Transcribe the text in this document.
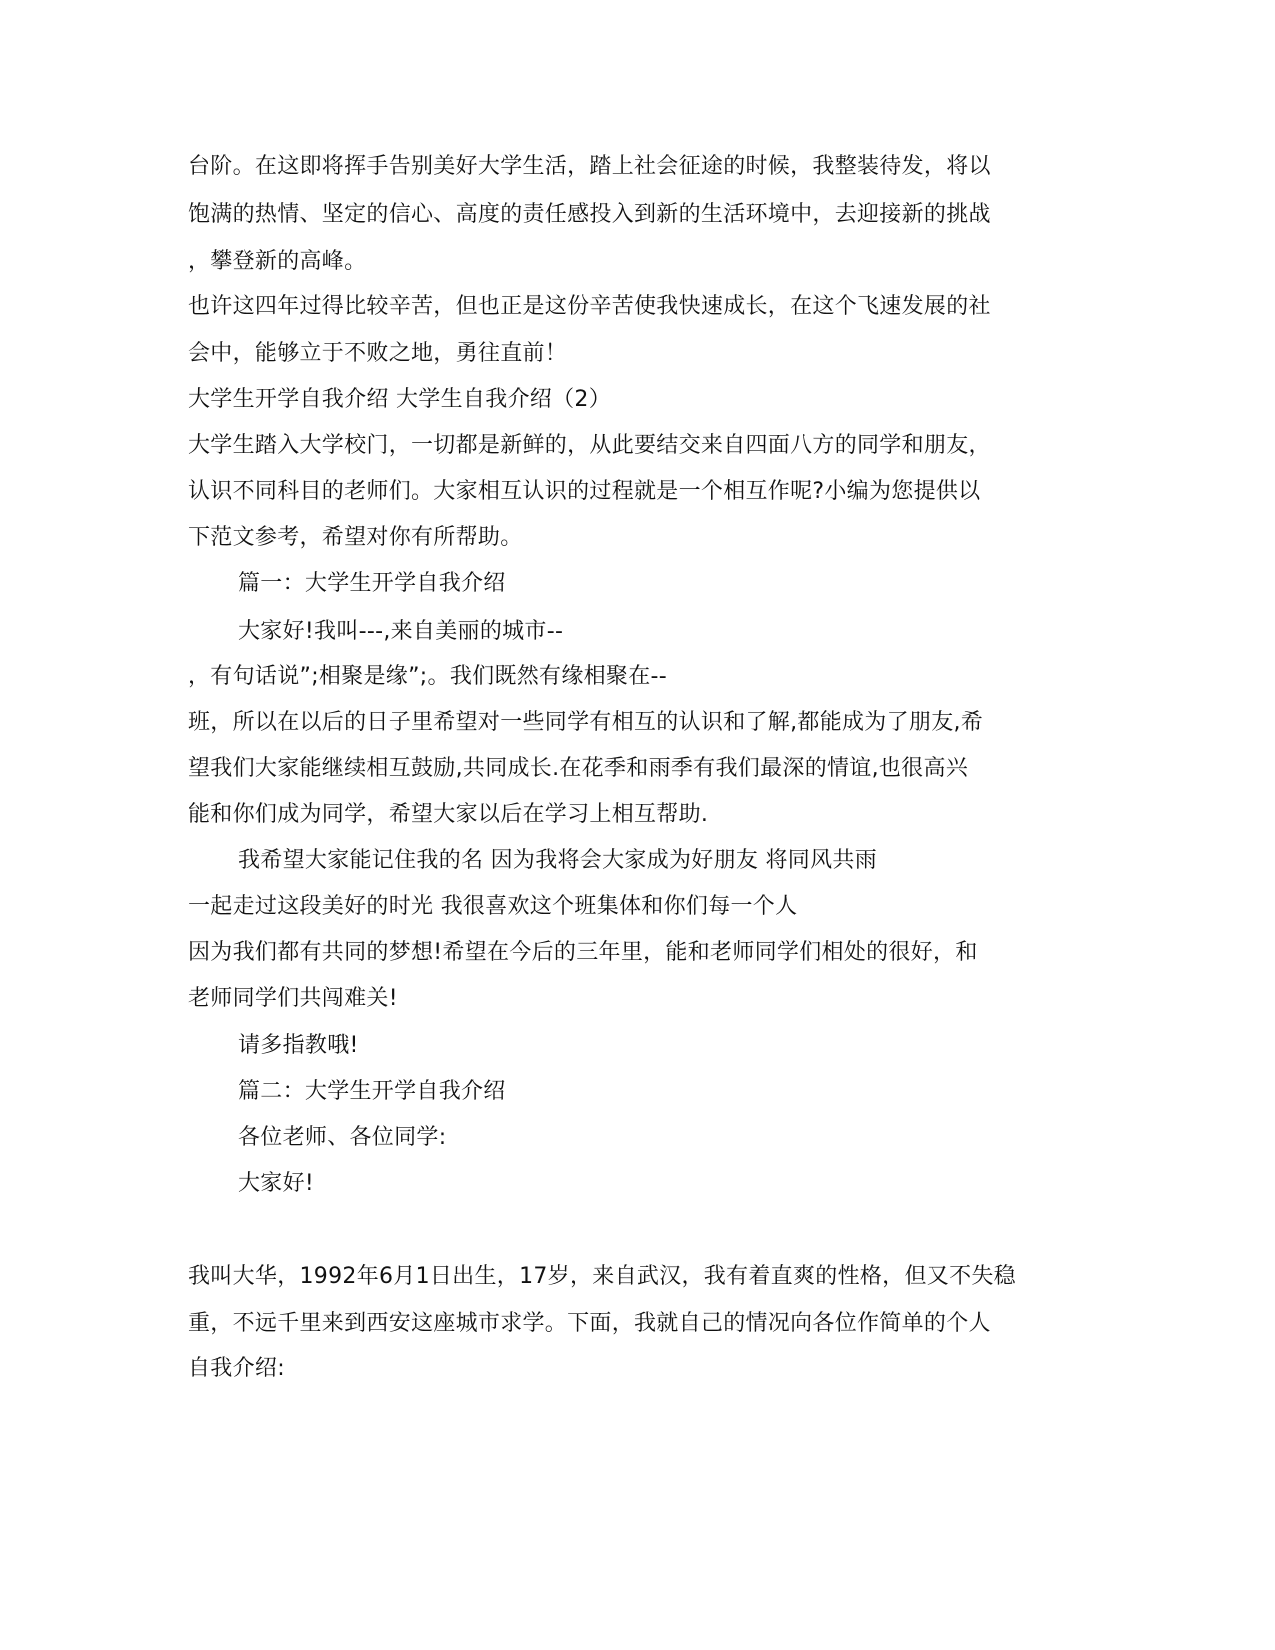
台阶。在这即将挥手告别美好大学生活，踏上社会征途的时候，我整装待发，将以
饱满的热情、坚定的信心、高度的责任感投入到新的生活环境中，去迎接新的挑战
，攀登新的高峰。
也许这四年过得比较辛苦，但也正是这份辛苦使我快速成长，在这个飞速发展的社
会中，能够立于不败之地，勇往直前！
大学生开学自我介绍 大学生自我介绍（2）
大学生踏入大学校门，一切都是新鲜的，从此要结交来自四面八方的同学和朋友，
认识不同科目的老师们。大家相互认识的过程就是一个相互作呢?小编为您提供以
下范文参考，希望对你有所帮助。
篇一：大学生开学自我介绍
大家好!我叫---,来自美丽的城市--
，有句话说”;相聚是缘”;。我们既然有缘相聚在--
班，所以在以后的日子里希望对一些同学有相互的认识和了解,都能成为了朋友,希
望我们大家能继续相互鼓励,共同成长.在花季和雨季有我们最深的情谊,也很高兴
能和你们成为同学，希望大家以后在学习上相互帮助.
我希望大家能记住我的名 因为我将会大家成为好朋友 将同风共雨
一起走过这段美好的时光 我很喜欢这个班集体和你们每一个人
因为我们都有共同的梦想!希望在今后的三年里，能和老师同学们相处的很好，和
老师同学们共闯难关!
请多指教哦!
篇二：大学生开学自我介绍
各位老师、各位同学:
大家好!
我叫大华，1992年6月1日出生，17岁，来自武汉，我有着直爽的性格，但又不失稳
重，不远千里来到西安这座城市求学。下面，我就自己的情况向各位作简单的个人
自我介绍:
